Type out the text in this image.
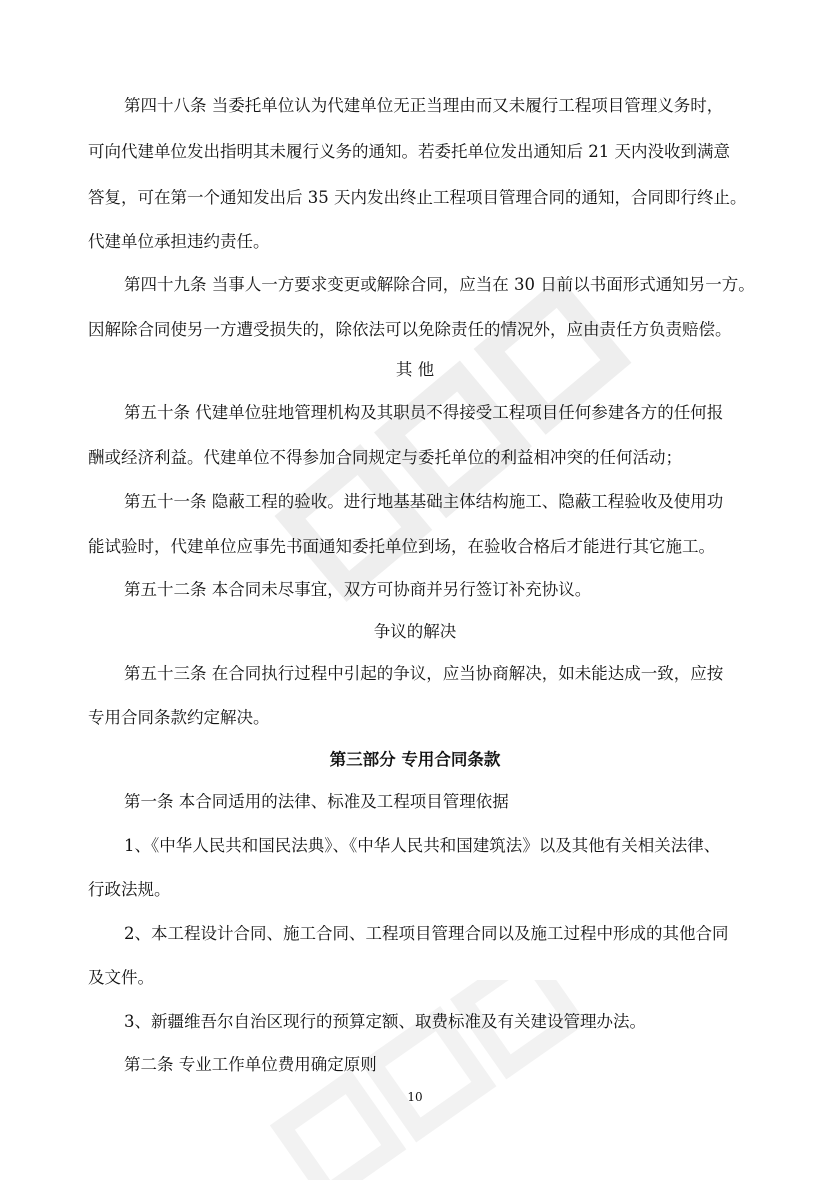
第四十八条 当委托单位认为代建单位无正当理由而又未履行工程项目管理义务时，
可向代建单位发出指明其未履行义务的通知。若委托单位发出通知后 21 天内没收到满意
答复，可在第一个通知发出后 35 天内发出终止工程项目管理合同的通知，合同即行终止。
代建单位承担违约责任。
第四十九条 当事人一方要求变更或解除合同，应当在 30 日前以书面形式通知另一方。
因解除合同使另一方遭受损失的，除依法可以免除责任的情况外，应由责任方负责赔偿。
其 他
第五十条 代建单位驻地管理机构及其职员不得接受工程项目任何参建各方的任何报
酬或经济利益。代建单位不得参加合同规定与委托单位的利益相冲突的任何活动；
第五十一条 隐蔽工程的验收。进行地基基础主体结构施工、隐蔽工程验收及使用功
能试验时，代建单位应事先书面通知委托单位到场，在验收合格后才能进行其它施工。
第五十二条 本合同未尽事宜，双方可协商并另行签订补充协议。
争议的解决
第五十三条 在合同执行过程中引起的争议，应当协商解决，如未能达成一致，应按
专用合同条款约定解决。
第三部分 专用合同条款
第一条 本合同适用的法律、标准及工程项目管理依据
1、《中华人民共和国民法典》、《中华人民共和国建筑法》以及其他有关相关法律、
行政法规。
2、本工程设计合同、施工合同、工程项目管理合同以及施工过程中形成的其他合同
及文件。
3、新疆维吾尔自治区现行的预算定额、取费标准及有关建设管理办法。
第二条 专业工作单位费用确定原则
10
